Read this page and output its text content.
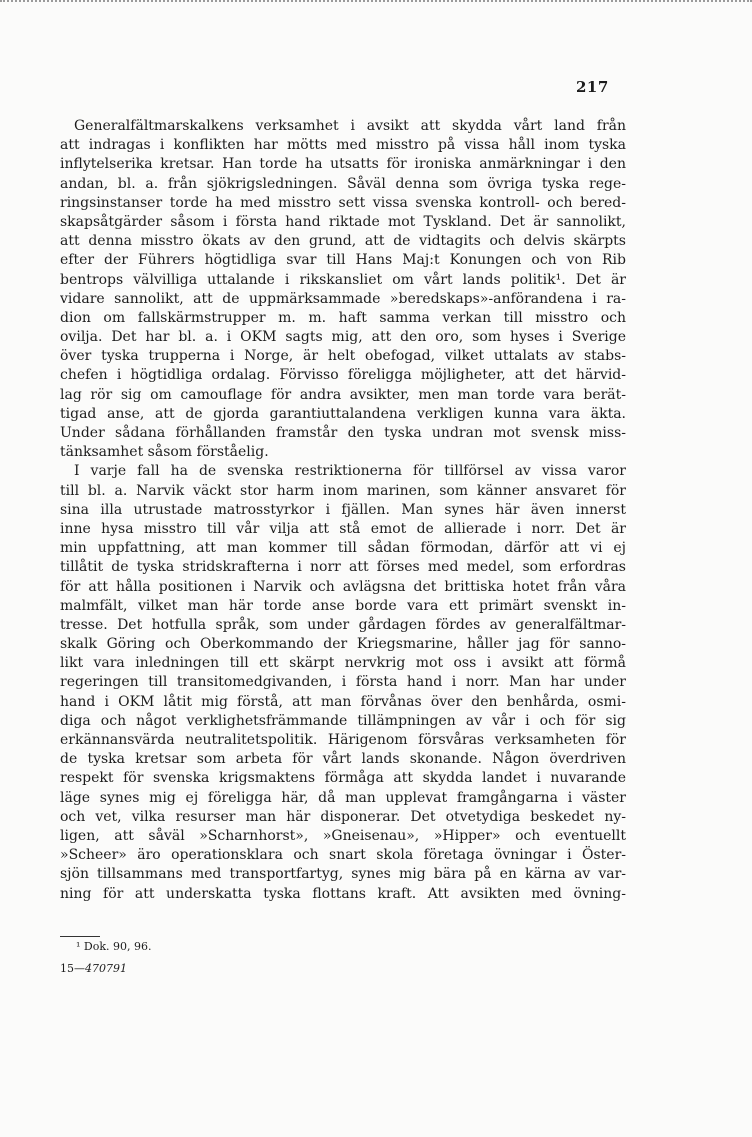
217
Generalfältmarskalkens verksamhet i avsikt att skydda vårt land från
att indragas i konflikten har mötts med misstro på vissa håll inom tyska
inflytelserika kretsar. Han torde ha utsatts för ironiska anmärkningar i den
andan, bl. a. från sjökrigsledningen. Såväl denna som övriga tyska rege-
ringsinstanser torde ha med misstro sett vissa svenska kontroll- och bered-
skapsåtgärder såsom i första hand riktade mot Tyskland. Det är sannolikt,
att denna misstro ökats av den grund, att de vidtagits och delvis skärpts
efter der Führers högtidliga svar till Hans Maj:t Konungen och von Rib
bentrops välvilliga uttalande i rikskansliet om vårt lands politik¹. Det är
vidare sannolikt, att de uppmärksammade »beredskaps»-anförandena i ra-
dion om fallskärmstrupper m. m. haft samma verkan till misstro och
ovilja. Det har bl. a. i OKM sagts mig, att den oro, som hyses i Sverige
över tyska trupperna i Norge, är helt obefogad, vilket uttalats av stabs-
chefen i högtidliga ordalag. Förvisso föreligga möjligheter, att det härvid-
lag rör sig om camouflage för andra avsikter, men man torde vara berät-
tigad anse, att de gjorda garantiuttalandena verkligen kunna vara äkta.
Under sådana förhållanden framstår den tyska undran mot svensk miss-
tänksamhet såsom förståelig.
I varje fall ha de svenska restriktionerna för tillförsel av vissa varor
till bl. a. Narvik väckt stor harm inom marinen, som känner ansvaret för
sina illa utrustade matrosstyrkor i fjällen. Man synes här även innerst
inne hysa misstro till vår vilja att stå emot de allierade i norr. Det är
min uppfattning, att man kommer till sådan förmodan, därför att vi ej
tillåtit de tyska stridskrafterna i norr att förses med medel, som erfordras
för att hålla positionen i Narvik och avlägsna det brittiska hotet från våra
malmfält, vilket man här torde anse borde vara ett primärt svenskt in-
tresse. Det hotfulla språk, som under gårdagen fördes av generalfältmar-
skalk Göring och Oberkommando der Kriegsmarine, håller jag för sanno-
likt vara inledningen till ett skärpt nervkrig mot oss i avsikt att förmå
regeringen till transitomedgivanden, i första hand i norr. Man har under
hand i OKM låtit mig förstå, att man förvånas över den benhårda, osmi-
diga och något verklighetsfrämmande tillämpningen av vår i och för sig
erkännansvärda neutralitetspolitik. Härigenom försvåras verksamheten för
de tyska kretsar som arbeta för vårt lands skonande. Någon överdriven
respekt för svenska krigsmaktens förmåga att skydda landet i nuvarande
läge synes mig ej föreligga här, då man upplevat framgångarna i väster
och vet, vilka resurser man här disponerar. Det otvetydiga beskedet ny-
ligen, att såväl »Scharnhorst», »Gneisenau», »Hipper» och eventuellt
»Scheer» äro operationsklara och snart skola företaga övningar i Öster-
sjön tillsammans med transportfartyg, synes mig bära på en kärna av var-
ning för att underskatta tyska flottans kraft. Att avsikten med övning-
¹ Dok. 90, 96.
15—470791
